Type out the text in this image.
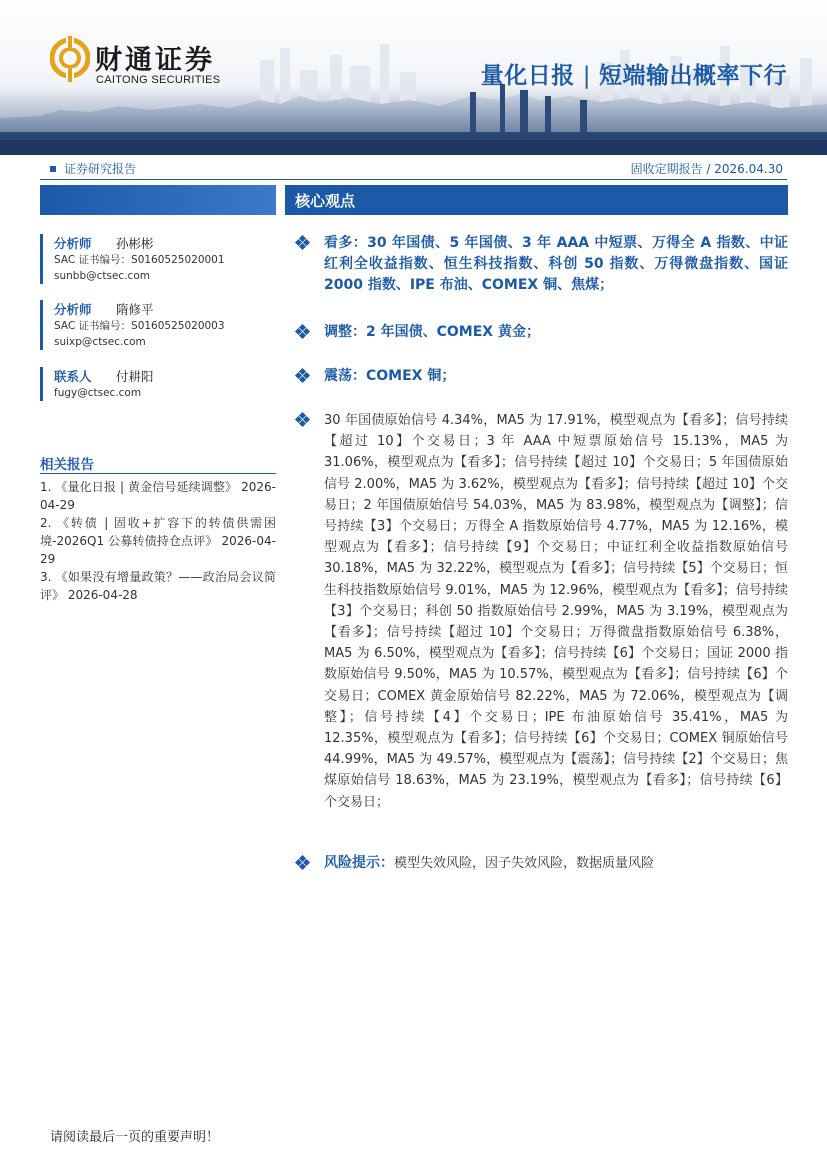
财通证券
CAITONG SECURITIES	量化日报 | 短端输出概率下行
证券研究报告	固收定期报告 / 2026.04.30
分析师 孙彬彬
SAC 证书编号：S0160525020001
sunbb@ctsec.com
分析师 隋修平
SAC 证书编号：S0160525020003
suixp@ctsec.com
联系人 付耕阳
fugy@ctsec.com
相关报告
1. 《量化日报 | 黄金信号延续调整》 2026-04-29
2. 《转债 | 固收+扩容下的转债供需困境-2026Q1 公募转债持仓点评》 2026-04-29
3. 《如果没有增量政策？——政治局会议简评》 2026-04-28
核心观点
看多：30 年国债、5 年国债、3 年 AAA 中短票、万得全 A 指数、中证红利全收益指数、恒生科技指数、科创 50 指数、万得微盘指数、国证 2000 指数、IPE 布油、COMEX 铜、焦煤；
调整：2 年国债、COMEX 黄金；
震荡：COMEX 铜；
30 年国债原始信号 4.34%，MA5 为 17.91%，模型观点为【看多】；信号持续【超过 10】个交易日；3 年 AAA 中短票原始信号 15.13%，MA5 为 31.06%，模型观点为【看多】；信号持续【超过 10】个交易日；5 年国债原始信号 2.00%，MA5 为 3.62%，模型观点为【看多】；信号持续【超过 10】个交易日；2 年国债原始信号 54.03%，MA5 为 83.98%，模型观点为【调整】；信号持续【3】个交易日；万得全 A 指数原始信号 4.77%，MA5 为 12.16%，模型观点为【看多】；信号持续【9】个交易日；中证红利全收益指数原始信号 30.18%，MA5 为 32.22%，模型观点为【看多】；信号持续【5】个交易日；恒生科技指数原始信号 9.01%，MA5 为 12.96%，模型观点为【看多】；信号持续【3】个交易日；科创 50 指数原始信号 2.99%，MA5 为 3.19%，模型观点为【看多】；信号持续【超过 10】个交易日；万得微盘指数原始信号 6.38%，MA5 为 6.50%，模型观点为【看多】；信号持续【6】个交易日；国证 2000 指数原始信号 9.50%，MA5 为 10.57%，模型观点为【看多】；信号持续【6】个交易日；COMEX 黄金原始信号 82.22%，MA5 为 72.06%，模型观点为【调整】；信号持续【4】个交易日；IPE 布油原始信号 35.41%，MA5 为 12.35%，模型观点为【看多】；信号持续【6】个交易日；COMEX 铜原始信号 44.99%，MA5 为 49.57%，模型观点为【震荡】；信号持续【2】个交易日；焦煤原始信号 18.63%，MA5 为 23.19%，模型观点为【看多】；信号持续【6】个交易日；
风险提示：模型失效风险，因子失效风险，数据质量风险
请阅读最后一页的重要声明！
